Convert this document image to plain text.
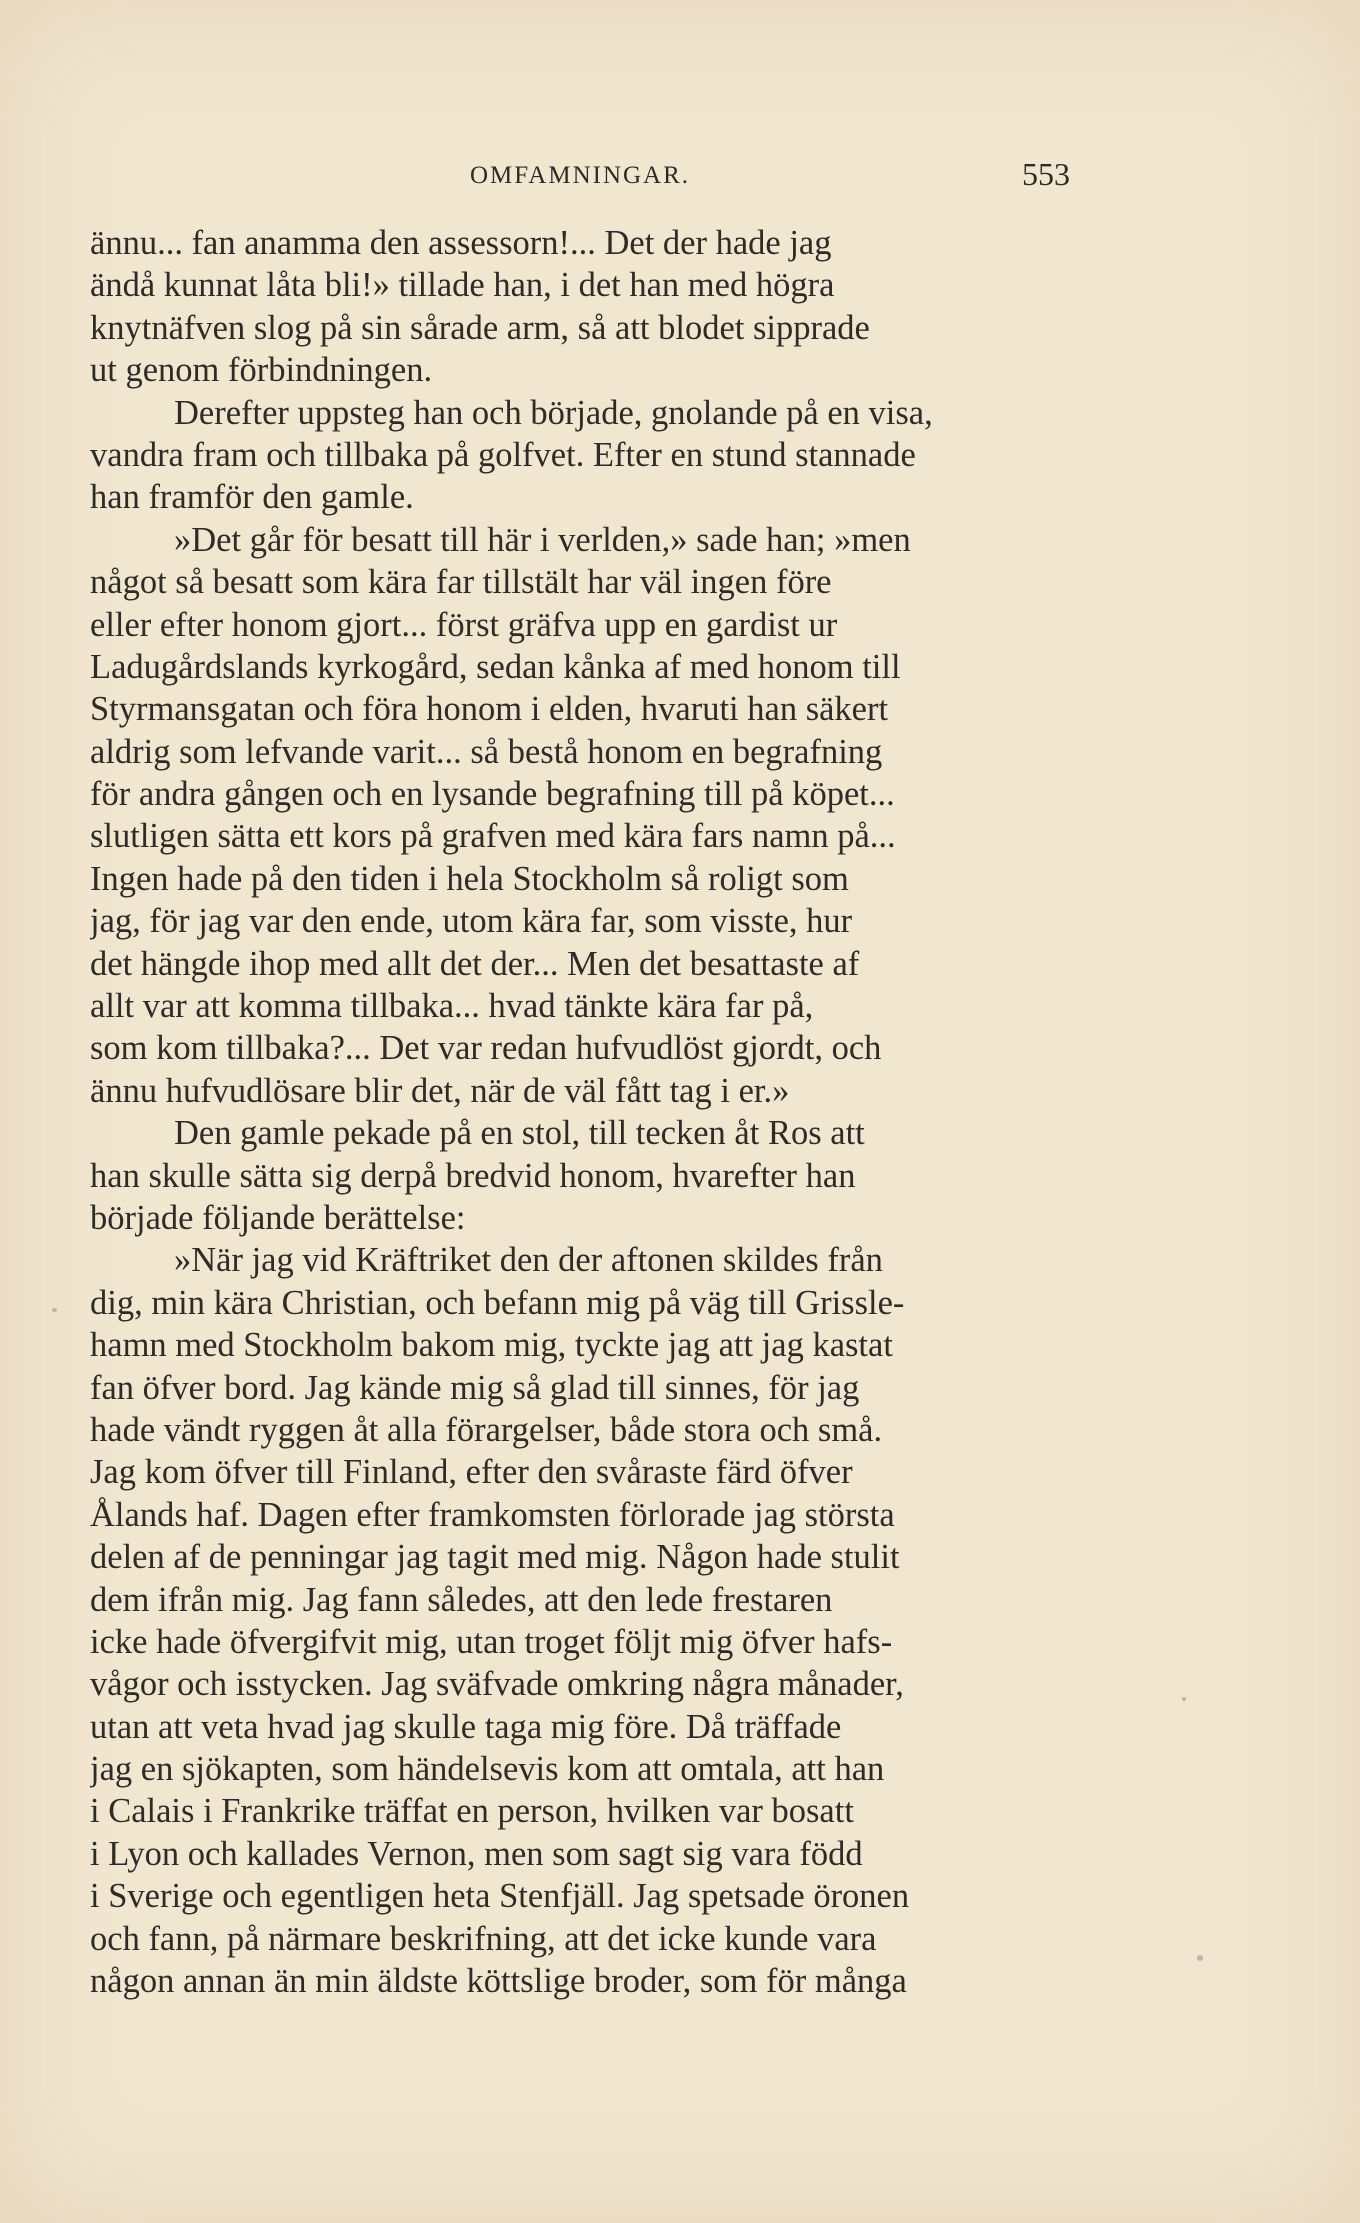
OMFAMNINGAR.	553
ännu... fan anamma den assessorn!... Det der hade jag
ändå kunnat låta bli!» tillade han, i det han med högra
knytnäfven slog på sin sårade arm, så att blodet sipprade
ut genom förbindningen.
Derefter uppsteg han och började, gnolande på en visa,
vandra fram och tillbaka på golfvet. Efter en stund stannade
han framför den gamle.
»Det går för besatt till här i verlden,» sade han; »men
något så besatt som kära far tillstält har väl ingen före
eller efter honom gjort... först gräfva upp en gardist ur
Ladugårdslands kyrkogård, sedan kånka af med honom till
Styrmansgatan och föra honom i elden, hvaruti han säkert
aldrig som lefvande varit... så bestå honom en begrafning
för andra gången och en lysande begrafning till på köpet...
slutligen sätta ett kors på grafven med kära fars namn på...
Ingen hade på den tiden i hela Stockholm så roligt som
jag, för jag var den ende, utom kära far, som visste, hur
det hängde ihop med allt det der... Men det besattaste af
allt var att komma tillbaka... hvad tänkte kära far på,
som kom tillbaka?... Det var redan hufvudlöst gjordt, och
ännu hufvudlösare blir det, när de väl fått tag i er.»
Den gamle pekade på en stol, till tecken åt Ros att
han skulle sätta sig derpå bredvid honom, hvarefter han
började följande berättelse:
»När jag vid Kräftriket den der aftonen skildes från
dig, min kära Christian, och befann mig på väg till Grissle-
hamn med Stockholm bakom mig, tyckte jag att jag kastat
fan öfver bord. Jag kände mig så glad till sinnes, för jag
hade vändt ryggen åt alla förargelser, både stora och små.
Jag kom öfver till Finland, efter den svåraste färd öfver
Ålands haf. Dagen efter framkomsten förlorade jag största
delen af de penningar jag tagit med mig. Någon hade stulit
dem ifrån mig. Jag fann således, att den lede frestaren
icke hade öfvergifvit mig, utan troget följt mig öfver hafs-
vågor och isstycken. Jag sväfvade omkring några månader,
utan att veta hvad jag skulle taga mig före. Då träffade
jag en sjökapten, som händelsevis kom att omtala, att han
i Calais i Frankrike träffat en person, hvilken var bosatt
i Lyon och kallades Vernon, men som sagt sig vara född
i Sverige och egentligen heta Stenfjäll. Jag spetsade öronen
och fann, på närmare beskrifning, att det icke kunde vara
någon annan än min äldste köttslige broder, som för många
